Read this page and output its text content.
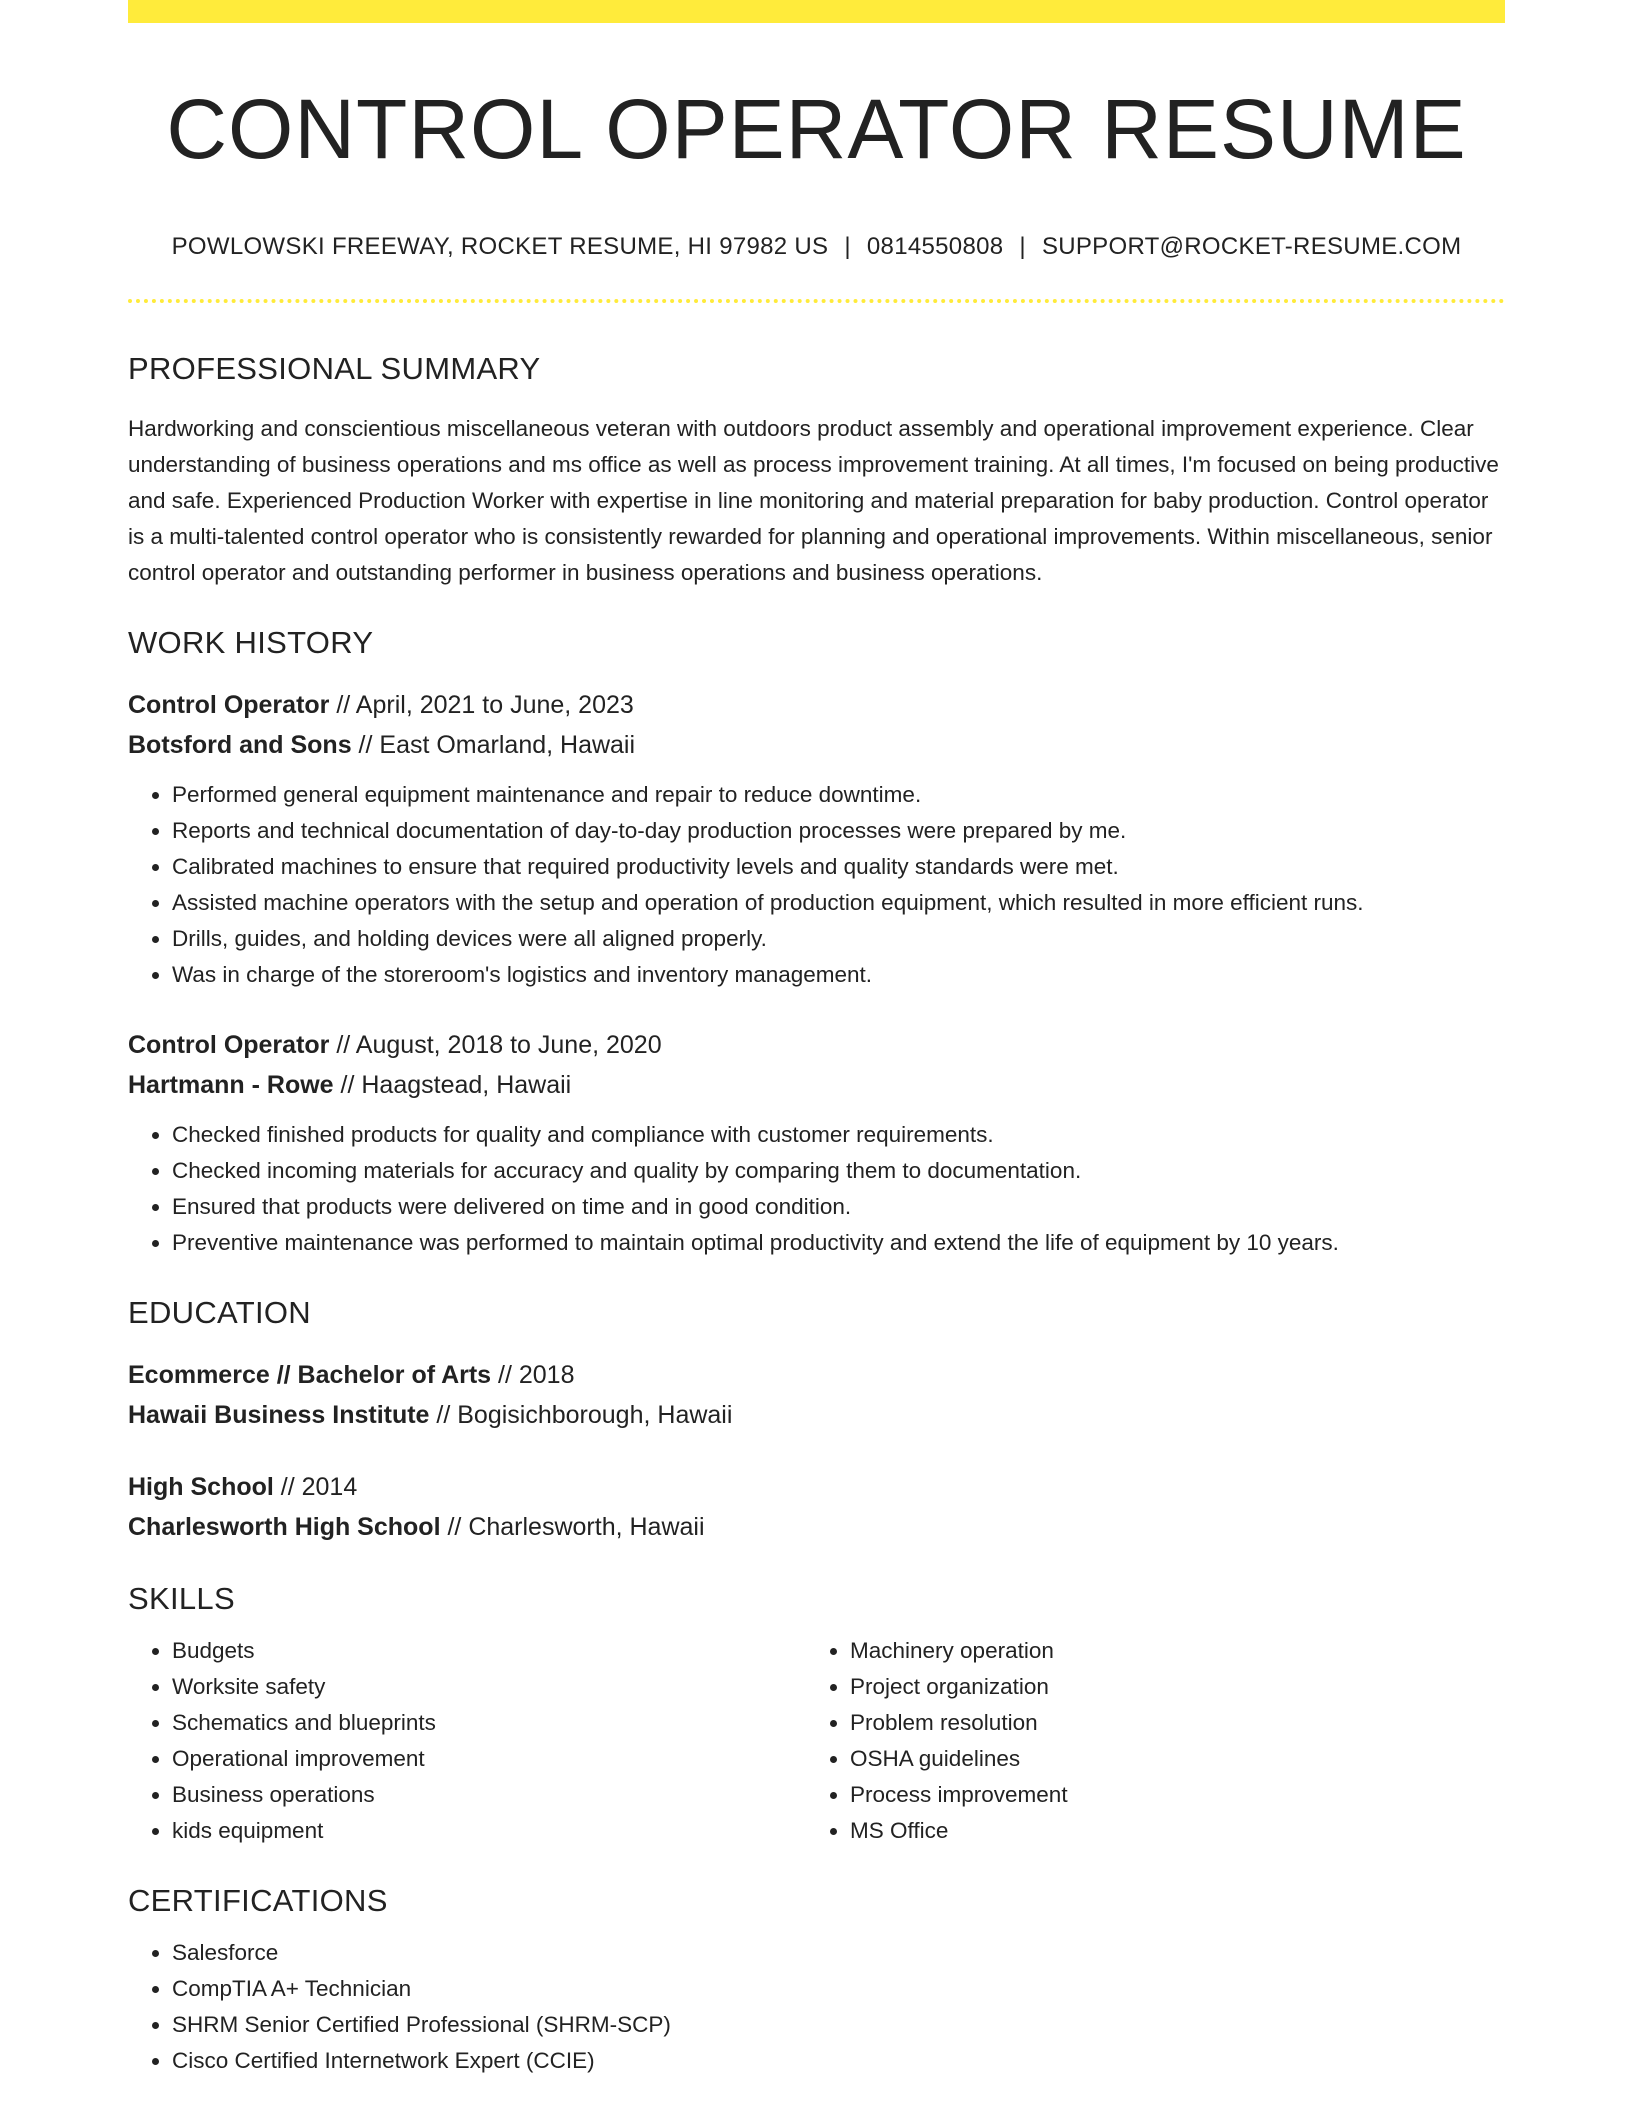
CONTROL OPERATOR RESUME
POWLOWSKI FREEWAY, ROCKET RESUME, HI 97982 US | 0814550808 | SUPPORT@ROCKET-RESUME.COM
PROFESSIONAL SUMMARY

Hardworking and conscientious miscellaneous veteran with outdoors product assembly and operational improvement experience. Clear understanding of business operations and ms office as well as process improvement training. At all times, I'm focused on being productive and safe. Experienced Production Worker with expertise in line monitoring and material preparation for baby production. Control operator is a multi-talented control operator who is consistently rewarded for planning and operational improvements. Within miscellaneous, senior control operator and outstanding performer in business operations and business operations.

WORK HISTORY
Control Operator // April, 2021 to June, 2023
Botsford and Sons // East Omarland, Hawaii
• Performed general equipment maintenance and repair to reduce downtime.
• Reports and technical documentation of day-to-day production processes were prepared by me.
• Calibrated machines to ensure that required productivity levels and quality standards were met.
• Assisted machine operators with the setup and operation of production equipment, which resulted in more efficient runs.
• Drills, guides, and holding devices were all aligned properly.
• Was in charge of the storeroom's logistics and inventory management.
Control Operator // August, 2018 to June, 2020
Hartmann - Rowe // Haagstead, Hawaii
• Checked finished products for quality and compliance with customer requirements.
• Checked incoming materials for accuracy and quality by comparing them to documentation.
• Ensured that products were delivered on time and in good condition.
• Preventive maintenance was performed to maintain optimal productivity and extend the life of equipment by 10 years.
EDUCATION
Ecommerce // Bachelor of Arts // 2018
Hawaii Business Institute // Bogisichborough, Hawaii
High School // 2014
Charlesworth High School // Charlesworth, Hawaii
SKILLS
• Budgets
• Worksite safety
• Schematics and blueprints
• Operational improvement
• Business operations
• kids equipment
• Machinery operation
• Project organization
• Problem resolution
• OSHA guidelines
• Process improvement
• MS Office
CERTIFICATIONS
• Salesforce
• CompTIA A+ Technician
• SHRM Senior Certified Professional (SHRM-SCP)
• Cisco Certified Internetwork Expert (CCIE)
